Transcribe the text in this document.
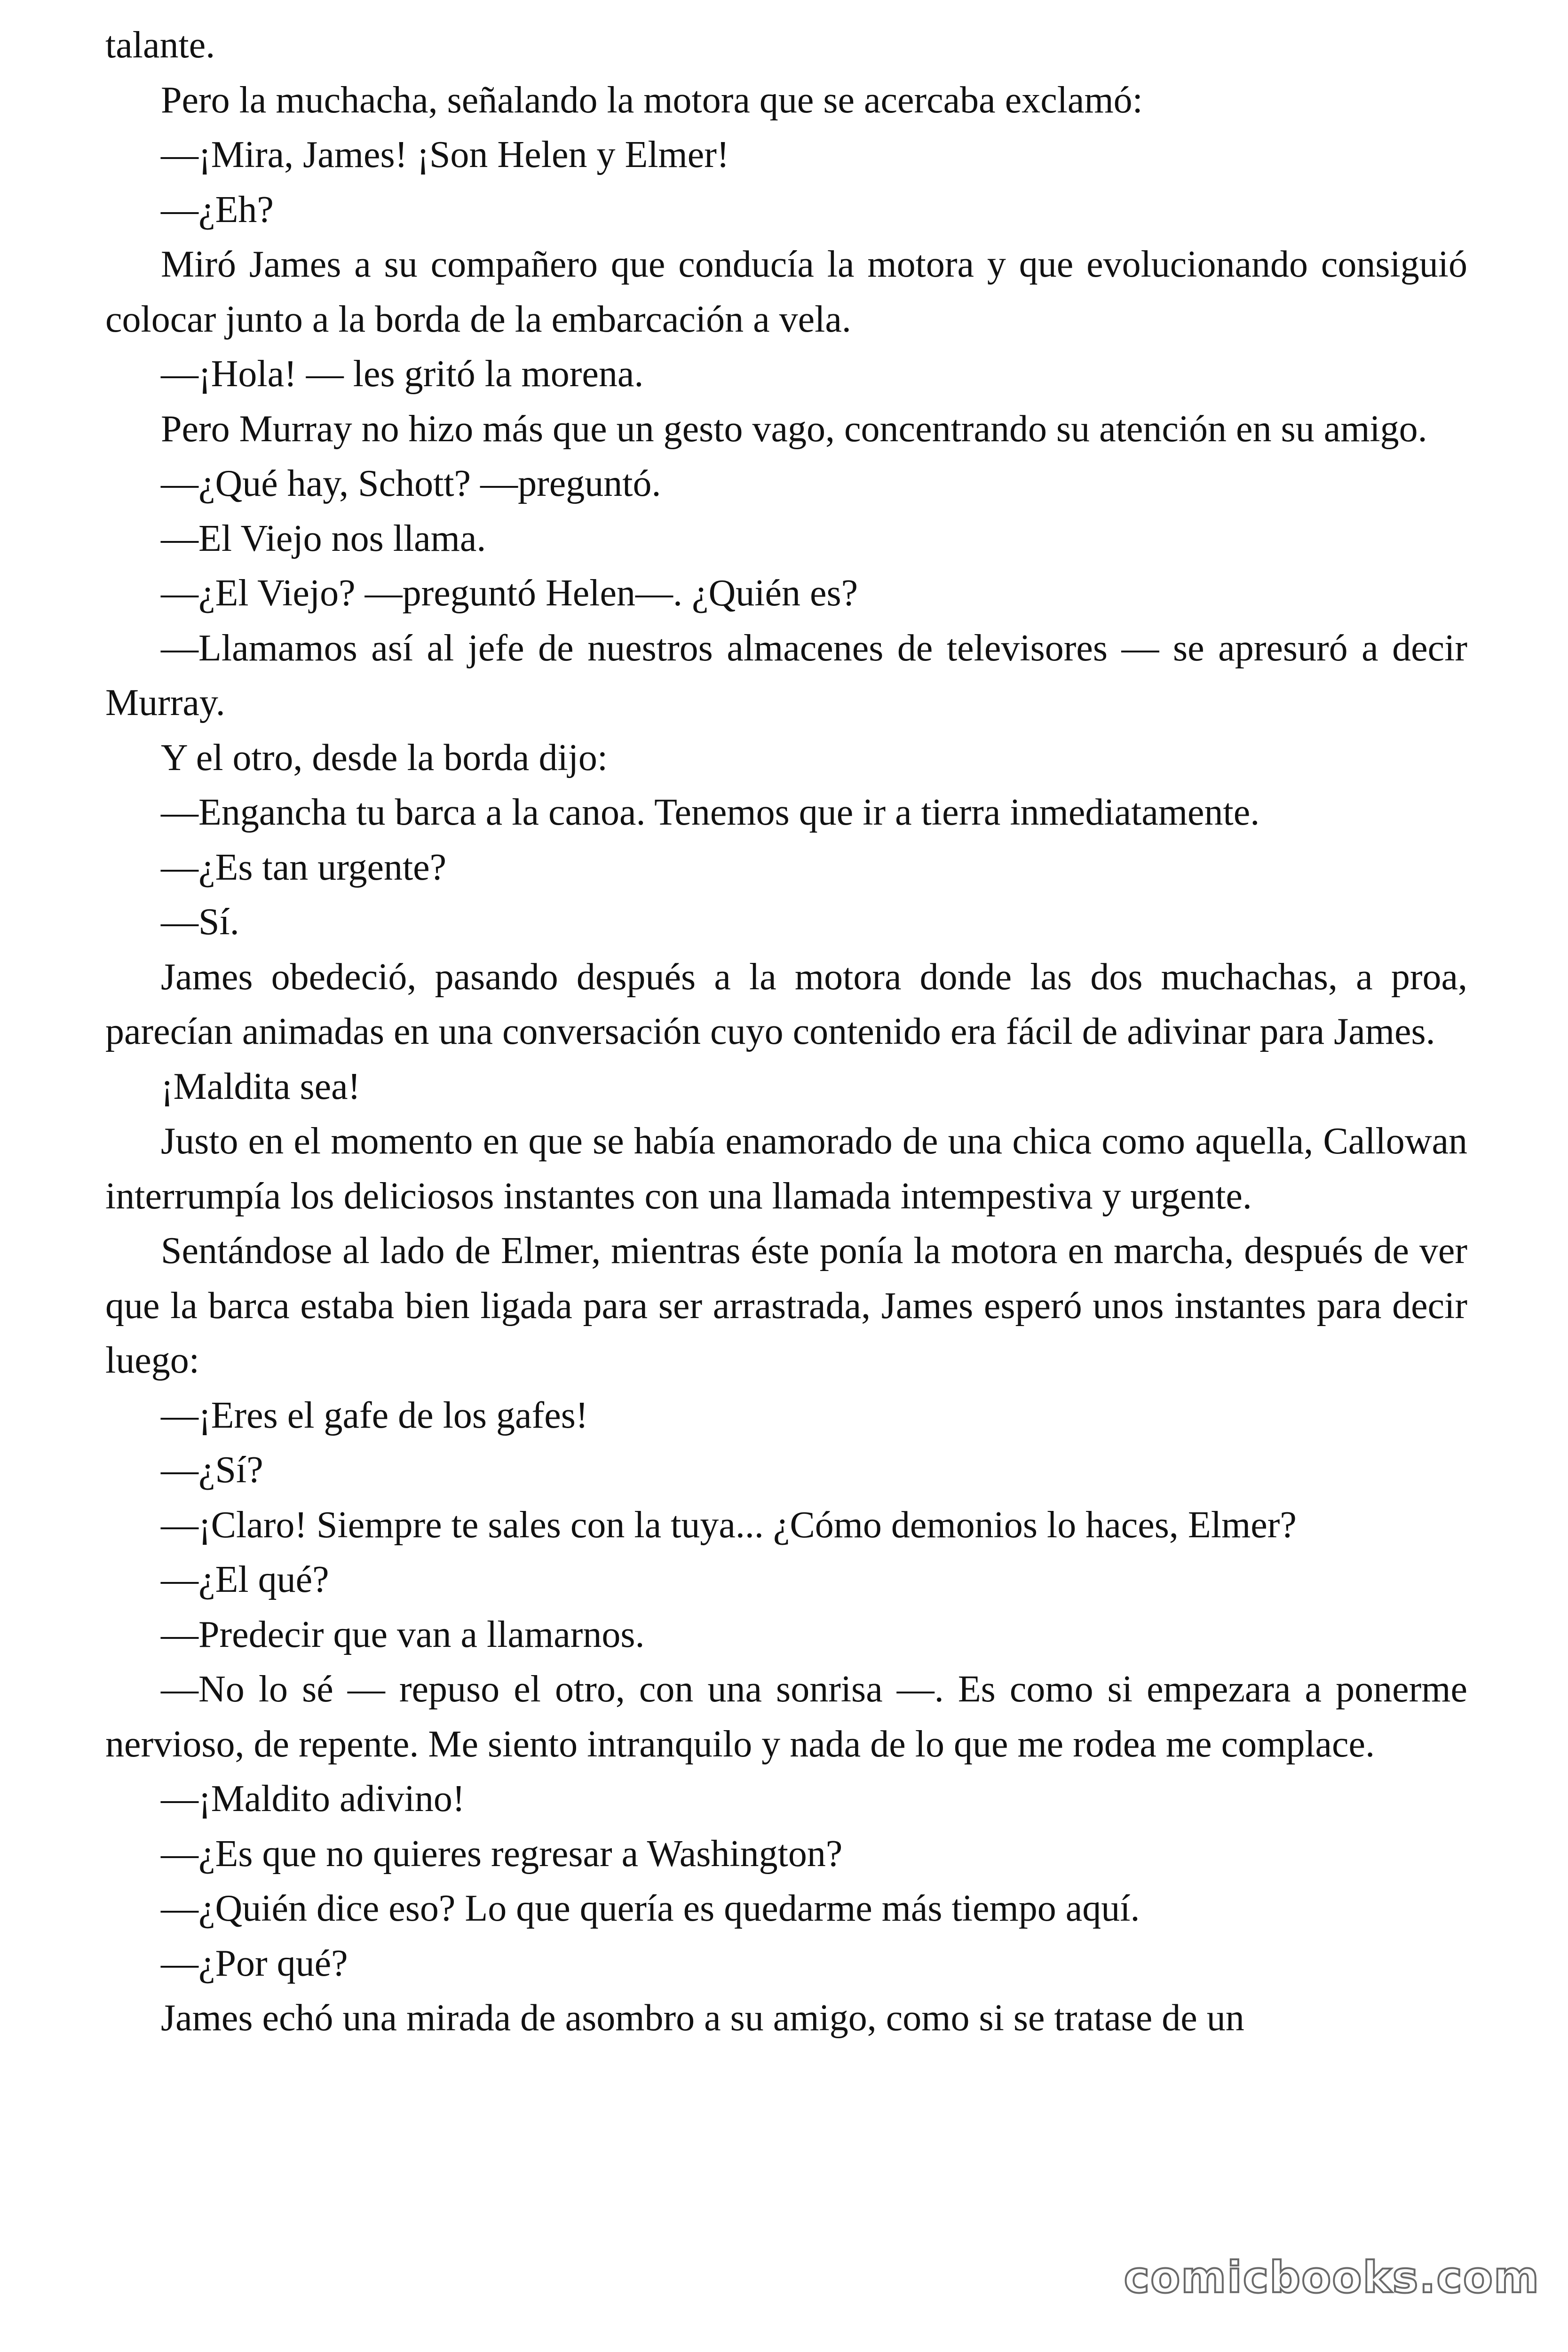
talante.

Pero la muchacha, señalando la motora que se acercaba exclamó:

—¡Mira, James! ¡Son Helen y Elmer!

—¿Eh?

Miró James a su compañero que conducía la motora y que evolucionando consiguió colocar junto a la borda de la embarcación a vela.

—¡Hola! — les gritó la morena.

Pero Murray no hizo más que un gesto vago, concentrando su atención en su amigo.

—¿Qué hay, Schott? —preguntó.

—El Viejo nos llama.

—¿El Viejo? —preguntó Helen—. ¿Quién es?

—Llamamos así al jefe de nuestros almacenes de televisores — se apresuró a decir Murray.

Y el otro, desde la borda dijo:

—Engancha tu barca a la canoa. Tenemos que ir a tierra inmediatamente.

—¿Es tan urgente?

—Sí.

James obedeció, pasando después a la motora donde las dos muchachas, a proa, parecían animadas en una conversación cuyo contenido era fácil de adivinar para James.

¡Maldita sea!

Justo en el momento en que se había enamorado de una chica como aquella, Callowan interrumpía los deliciosos instantes con una llamada intempestiva y urgente.

Sentándose al lado de Elmer, mientras éste ponía la motora en marcha, después de ver que la barca estaba bien ligada para ser arrastrada, James esperó unos instantes para decir luego:

—¡Eres el gafe de los gafes!

—¿Sí?

—¡Claro! Siempre te sales con la tuya... ¿Cómo demonios lo haces, Elmer?

—¿El qué?

—Predecir que van a llamarnos.

—No lo sé — repuso el otro, con una sonrisa —. Es como si empezara a ponerme nervioso, de repente. Me siento intranquilo y nada de lo que me rodea me complace.

—¡Maldito adivino!

—¿Es que no quieres regresar a Washington?

—¿Quién dice eso? Lo que quería es quedarme más tiempo aquí.

—¿Por qué?

James echó una mirada de asombro a su amigo, como si se tratase de un

comicbooks.com
